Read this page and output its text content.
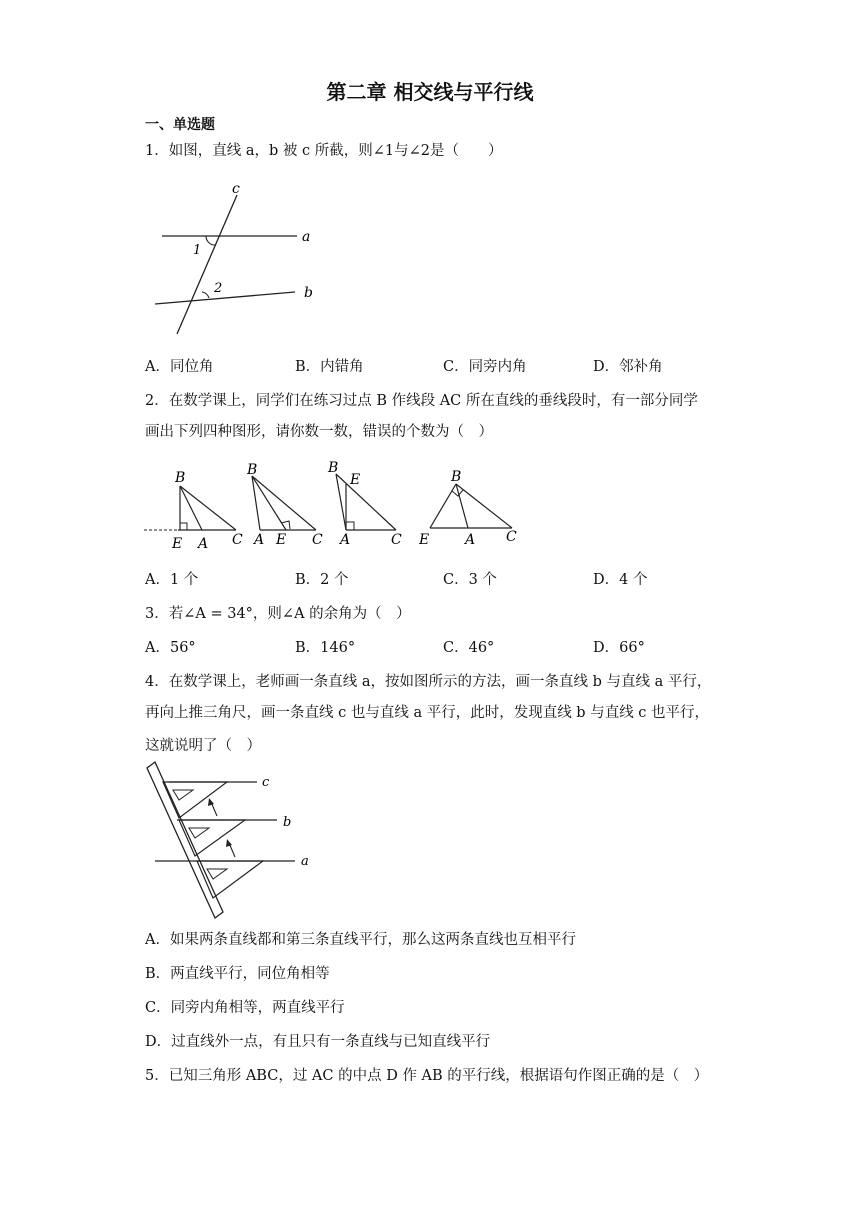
第二章 相交线与平行线
一、单选题
1．如图，直线 a，b 被 c 所截，则∠1与∠2是（　　）
c
a
b
1
2
A．同位角	B．内错角	C．同旁内角	D．邻补角
2．在数学课上，同学们在练习过点 B 作线段 AC 所在直线的垂线段时，有一部分同学
画出下列四种图形，请你数一数，错误的个数为（　）
B
E A C
B
A E C
B
E
A	C
B
E	A C
A．1 个	B．2 个	C．3 个	D．4 个
3．若∠A = 34°，则∠A 的余角为（　）
A．56°	B．146°	C．46°	D．66°
4．在数学课上，老师画一条直线 a，按如图所示的方法，画一条直线 b 与直线 a 平行，
再向上推三角尺，画一条直线 c 也与直线 a 平行，此时，发现直线 b 与直线 c 也平行，
这就说明了（　）
c
b
a
A．如果两条直线都和第三条直线平行，那么这两条直线也互相平行
B．两直线平行，同位角相等
C．同旁内角相等，两直线平行
D．过直线外一点，有且只有一条直线与已知直线平行
5．已知三角形 ABC，过 AC 的中点 D 作 AB 的平行线，根据语句作图正确的是（　）
